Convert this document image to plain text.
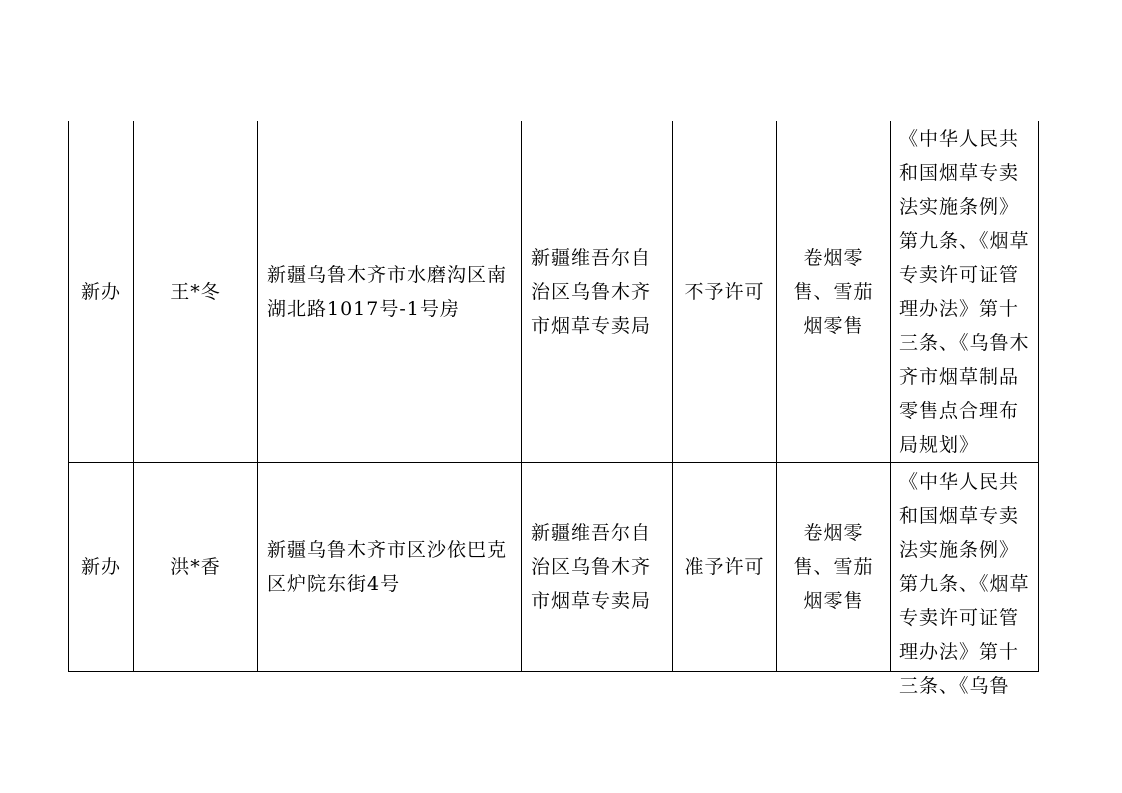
新办	王*冬	新疆乌鲁木齐市水磨沟区南湖北路1017号-1号房	新疆维吾尔自治区乌鲁木齐市烟草专卖局	不予许可	卷烟零售、雪茄烟零售	《中华人民共和国烟草专卖法实施条例》第九条、《烟草专卖许可证管理办法》第十三条、《乌鲁木齐市烟草制品零售点合理布局规划》

新办	洪*香	新疆乌鲁木齐市区沙依巴克区炉院东街4号	新疆维吾尔自治区乌鲁木齐市烟草专卖局	准予许可	卷烟零售、雪茄烟零售	《中华人民共和国烟草专卖法实施条例》第九条、《烟草专卖许可证管理办法》第十三条、《乌鲁
